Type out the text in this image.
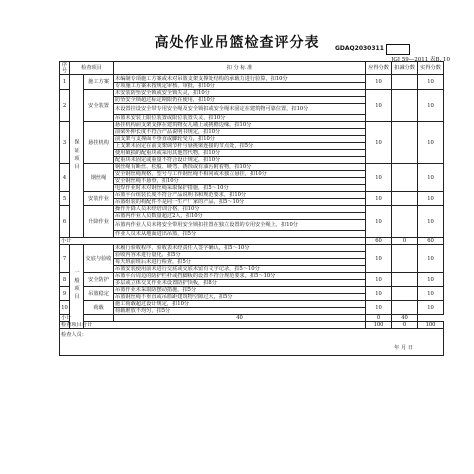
高处作业吊篮检查评分表	GDAQ2030311
JGJ 59—2011 表B. 10
序号	检查项目		扣 分 标 准	应得分数	扣减分数	实得分数
1	保证项目	施工方案	未编制专项施工方案或未对吊篮支架支撑处结构的承载力进行验算，扣10分	10		10
			专项施工方案未按规定审核、审批，扣10分			
2		安全装置	未安装防坠安全锁或安全锁失灵，扣10分	10		10
			防坠安全锁超过标定期限仍在使用，扣10分			
			未设置挂设安全带专用安全绳及安全锁扣或安全绳未固定在建筑物可靠位置，扣10分			
			吊篮未安装上限位装置或限位装置失灵，扣10分			
3		悬挂机构	悬挂机构前支架支撑在建筑物女儿墙上或挑檐边缘，扣10分	10		10
			前梁外伸长度不符合产品说明书规定，扣10分			
			前支架与支撑面不垂直或脚轮受力，扣10分			
			上支架未固定在前支架调节杆与悬挑梁连接的节点处，扣5分			
			使用破损的配重块或采用其他替代物，扣10分			
			配重块未固定或重量不符合设计规定，扣10分			
4		钢丝绳	钢丝绳有断丝、松股、硬弯、锈蚀或有油污附着物，扣10分	10		10
			安全钢丝绳规格、型号与工作钢丝绳不相同或未独立悬挂，扣10分			
			安全钢丝绳不悬垂，扣10分			
			电焊作业时未对钢丝绳采取保护措施，扣5～10分			
5		安装作业	吊篮平台组装长度不符合产品说明书和规范要求，扣10分	10		10
			吊篮组装的构配件不是同一生产厂家的产品，扣5～10分			
6		升降作业	操作升降人员未经培训合格，扣10分	10		10
			吊篮内作业人员数量超过2人，扣10分			
			吊篮内作业人员未将安全带用安全锁扣挂置在独立设置的专用安全绳上，扣10分			
			作业人员未从地面进出吊篮，扣5分			
小计				60	0	60
7	一般项目	交底与验收	未履行验收程序，验收表未经责任人签字确认，扣5～10分	10		10
			验收内容未进行量化，扣5分			
			每天班前班后未进行检查，扣5分			
			吊篮安装使用前未进行交底或交底未留有文字记录，扣5～10分			
8		安全防护	吊篮平台周边的防护栏杆或挡脚板的设置不符合规范要求，扣5～10分	10		10
			多层或立体交叉作业未设置防护顶板，扣8分			
9		吊篮稳定	吊篮作业未采取防摆动措施，扣5分	10		10
			吊篮钢丝绳不垂直或吊篮距建筑物空隙过大，扣5分			
10		荷载	施工荷载超过设计规定，扣10分	10		10
			荷载堆放不均匀，扣5分			
小计			40	0	40	
检查项目合计				100	0	100
检查人员：						
年 月 日						
